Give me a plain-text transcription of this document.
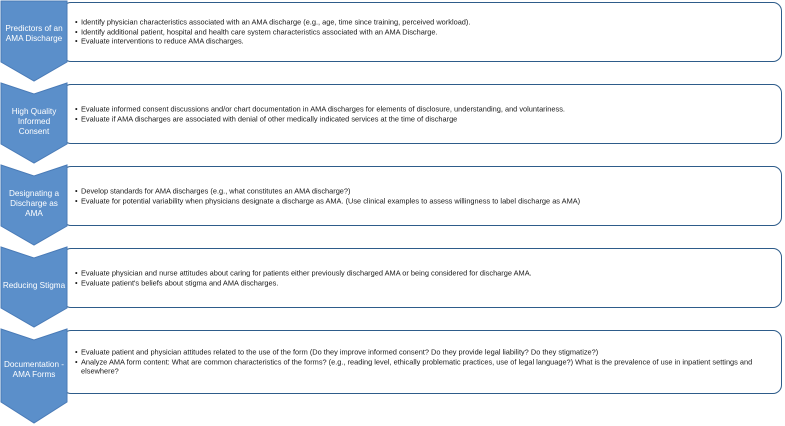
• Identify physician characteristics associated with an AMA discharge (e.g., age, time since training, perceived workload).
• Identify additional patient, hospital and health care system characteristics associated with an AMA Discharge.
• Evaluate interventions to reduce AMA discharges.
Predictors of an AMA Discharge
• Evaluate informed consent discussions and/or chart documentation in AMA discharges for elements of disclosure, understanding, and voluntariness.
• Evaluate if AMA discharges are associated with denial of other medically indicated services at the time of discharge
High Quality Informed Consent
• Develop standards for AMA discharges (e.g., what constitutes an AMA discharge?)
• Evaluate for potential variability when physicians designate a discharge as AMA. (Use clinical examples to assess willingness to label discharge as AMA)
Designating a Discharge as AMA
• Evaluate physician and nurse attitudes about caring for patients either previously discharged AMA or being considered for discharge AMA.
• Evaluate patient's beliefs about stigma and AMA discharges.
Reducing Stigma
• Evaluate patient and physician attitudes related to the use of the form (Do they improve informed consent? Do they provide legal liability? Do they stigmatize?)
• Analyze AMA form content: What are common characteristics of the forms? (e.g., reading level, ethically problematic practices, use of legal language?) What is the prevalence of use in inpatient settings and elsewhere?
Documentation - AMA Forms
